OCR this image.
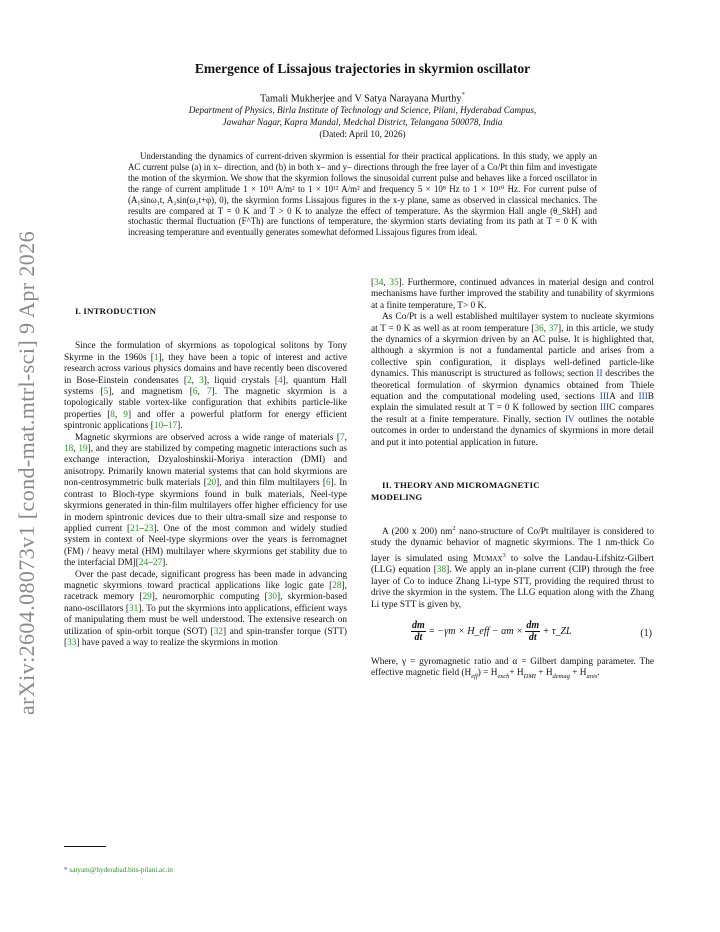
arXiv:2604.08073v1 [cond-mat.mtrl-sci] 9 Apr 2026
Emergence of Lissajous trajectories in skyrmion oscillator
Tamali Mukherjee and V Satya Narayana Murthy*
Department of Physics, Birla Institute of Technology and Science, Pilani, Hyderabad Campus,
Jawahar Nagar, Kapra Mandal, Medchal District, Telangana 500078, India
(Dated: April 10, 2026)
Understanding the dynamics of current-driven skyrmion is essential for their practical applications. In this study, we apply an AC current pulse (a) in x– direction, and (b) in both x– and y– directions through the free layer of a Co/Pt thin film and investigate the motion of the skyrmion. We show that the skyrmion follows the sinusoidal current pulse and behaves like a forced oscillator in the range of current amplitude 1 × 10¹¹ A/m² to 1 × 10¹² A/m² and frequency 5 × 10⁸ Hz to 1 × 10¹⁰ Hz. For current pulse of (A₁sinω₁t, A₂sin(ω₂t+φ), 0), the skyrmion forms Lissajous figures in the x-y plane, same as observed in classical mechanics. The results are compared at T = 0 K and T > 0 K to analyze the effect of temperature. As the skyrmion Hall angle (θ_SkH) and stochastic thermal fluctuation (F^Th) are functions of temperature, the skyrmion starts deviating from its path at T = 0 K with increasing temperature and eventually generates somewhat deformed Lissajous figures from ideal.

I. INTRODUCTION

Since the formulation of skyrmions as topological solitons by Tony Skyrme in the 1960s [1], they have been a topic of interest and active research across various physics domains and have recently been discovered in Bose-Einstein condensates [2, 3], liquid crystals [4], quantum Hall systems [5], and magnetism [6, 7]. The magnetic skyrmion is a topologically stable vortex-like configuration that exhibits particle-like properties [8, 9] and offer a powerful platform for energy efficient spintronic applications [10–17].

Magnetic skyrmions are observed across a wide range of materials [7, 18, 19], and they are stabilized by competing magnetic interactions such as exchange interaction, Dzyaloshinskii-Moriya interaction (DMI) and anisotropy. Primarily known material systems that can hold skyrmions are non-centrosymmetric bulk materials [20], and thin film multilayers [6]. In contrast to Bloch-type skyrmions found in bulk materials, Neel-type skyrmions generated in thin-film multilayers offer higher efficiency for use in modern spintronic devices due to their ultra-small size and response to applied current [21–23]. One of the most common and widely studied system in context of Neel-type skyrmions over the years is ferromagnet (FM) / heavy metal (HM) multilayer where skyrmions get stability due to the interfacial DM][24–27].

Over the past decade, significant progress has been made in advancing magnetic skyrmions toward practical applications like logic gate [28], racetrack memory [29], neuromorphic computing [30], skyrmion-based nano-oscillators [31]. To put the skyrmions into applications, efficient ways of manipulating them must be well understood. The extensive research on utilization of spin-orbit torque (SOT) [32] and spin-transfer torque (STT) [33] have paved a way to realize the skyrmions in motion

[34, 35]. Furthermore, continued advances in material design and control mechanisms have further improved the stability and tunability of skyrmions at a finite temperature, T> 0 K.

As Co/Pt is a well established multilayer system to nucleate skyrmions at T = 0 K as well as at room temperature [36, 37], in this article, we study the dynamics of a skyrmion driven by an AC pulse. It is highlighted that, although a skyrmion is not a fundamental particle and arises from a collective spin configuration, it displays well-defined particle-like dynamics. This manuscript is structured as follows; section II describes the theoretical formulation of skyrmion dynamics obtained from Thiele equation and the computational modeling used, sections IIIA and IIIB explain the simulated result at T = 0 K followed by section IIIC compares the result at a finite temperature. Finally, section IV outlines the notable outcomes in order to understand the dynamics of skyrmions in more detail and put it into potential application in future.

II. THEORY AND MICROMAGNETIC
MODELING

A (200 x 200) $nm^2$ nano-structure of Co/Pt multilayer is considered to study the dynamic behavior of magnetic skyrmions. The 1 nm-thick Co layer is simulated using Mumax$^3$ to solve the Landau-Lifshitz-Gilbert (LLG) equation [38]. We apply an in-plane current (CIP) through the free layer of Co to induce Zhang Li-type STT, providing the required thrust to drive the skyrmion in the system. The LLG equation along with the Zhang Li type STT is given by,

$\frac{dm}{dt} = -\gamma m$ × H_eff − $\alpha m \times \frac{dm}{dt}$ + τ_ZL	(1)

Where, γ = gyromagnetic ratio and α = Gilbert damping parameter. The effective magnetic field $(H_{eff}) = H_{exch}+ H_{DMI} + H_{demag} + H_{anis}$.

* satyam@hyderabad.bits-pilani.ac.in
